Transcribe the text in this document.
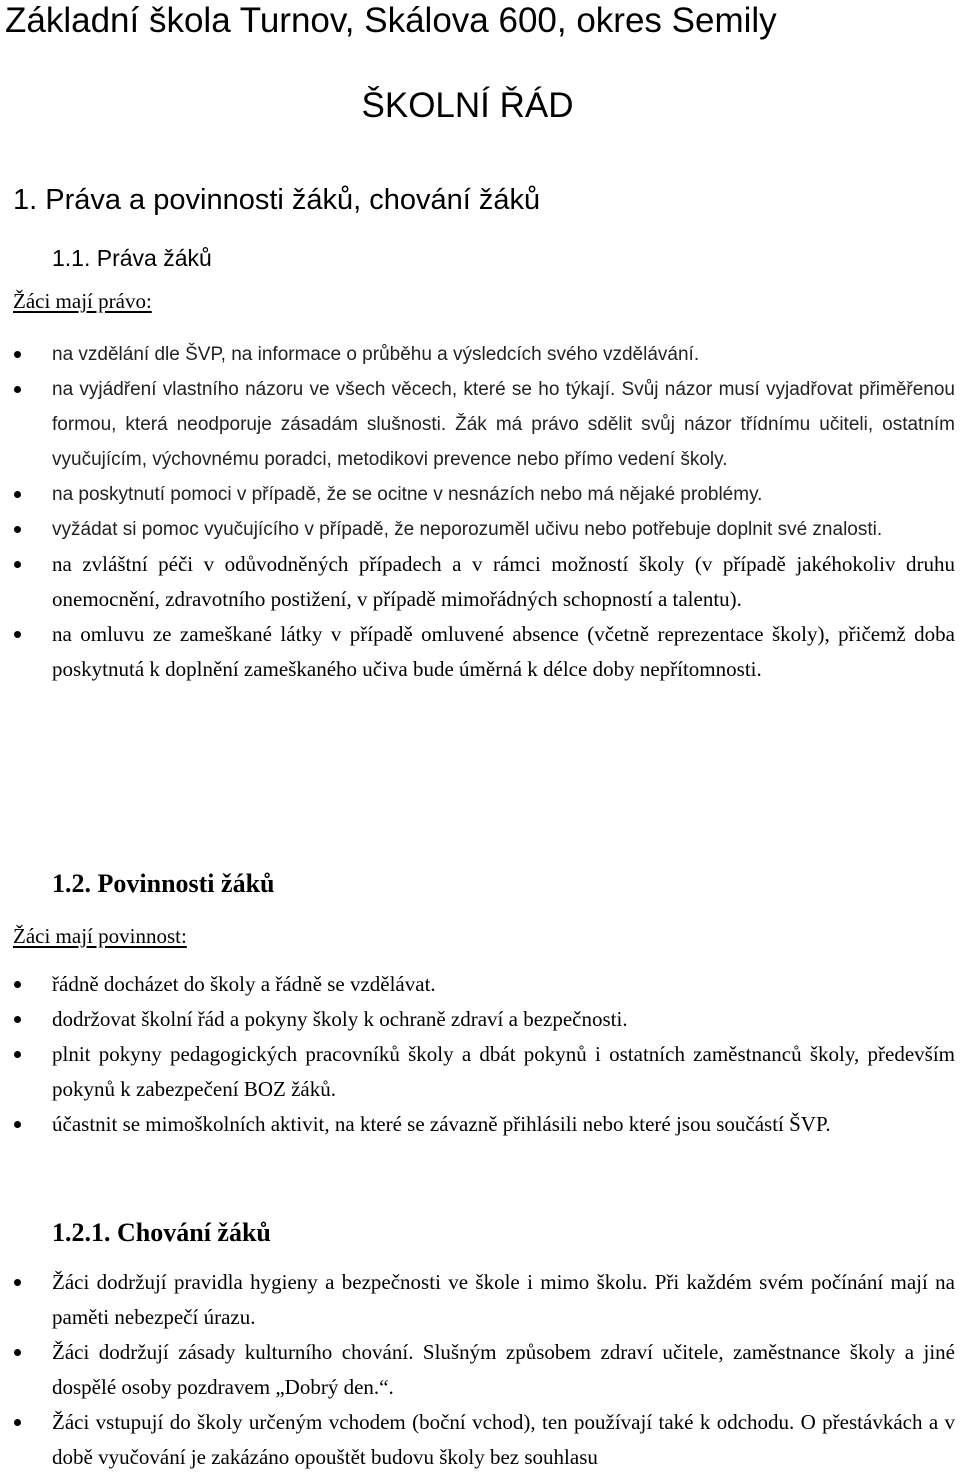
Základní škola Turnov, Skálova 600, okres Semily
ŠKOLNÍ ŘÁD
1. Práva a povinnosti žáků, chování žáků
1.1. Práva žáků
Žáci mají právo:
na vzdělání dle ŠVP, na informace o průběhu a výsledcích svého vzdělávání.
na vyjádření vlastního názoru ve všech věcech, které se ho týkají. Svůj názor musí vyjadřovat přiměřenou formou, která neodporuje zásadám slušnosti. Žák má právo sdělit svůj názor třídnímu učiteli, ostatním vyučujícím, výchovnému poradci, metodikovi prevence nebo přímo vedení školy.
na poskytnutí pomoci v případě, že se ocitne v nesnázích nebo má nějaké problémy.
vyžádat si pomoc vyučujícího v případě, že neporozuměl učivu nebo potřebuje doplnit své znalosti.
na zvláštní péči v odůvodněných případech a v rámci možností školy (v případě jakéhokoliv druhu onemocnění, zdravotního postižení, v případě mimořádných schopností a talentu).
na omluvu ze zameškané látky v případě omluvené absence (včetně reprezentace školy), přičemž doba poskytnutá k doplnění zameškaného učiva bude úměrná k délce doby nepřítomnosti.
1.2. Povinnosti žáků
Žáci mají povinnost:
řádně docházet do školy a řádně se vzdělávat.
dodržovat školní řád a pokyny školy k ochraně zdraví a bezpečnosti.
plnit pokyny pedagogických pracovníků školy a dbát pokynů i ostatních zaměstnanců školy, především pokynů k zabezpečení BOZ žáků.
účastnit se mimoškolních aktivit, na které se závazně přihlásili nebo které jsou součástí ŠVP.
1.2.1. Chování žáků
Žáci dodržují pravidla hygieny a bezpečnosti ve škole i mimo školu. Při každém svém počínání mají na paměti nebezpečí úrazu.
Žáci dodržují zásady kulturního chování. Slušným způsobem zdraví učitele, zaměstnance školy a jiné dospělé osoby pozdravem „Dobrý den.“.
Žáci vstupují do školy určeným vchodem (boční vchod), ten používají také k odchodu. O přestávkách a v době vyučování je zakázáno opouštět budovu školy bez souhlasu
